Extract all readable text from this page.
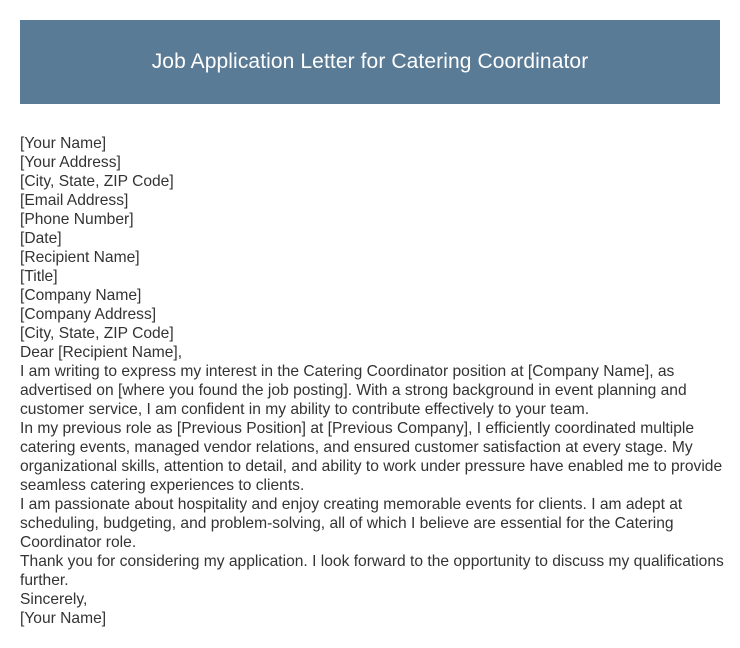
Job Application Letter for Catering Coordinator
[Your Name]
[Your Address]
[City, State, ZIP Code]
[Email Address]
[Phone Number]
[Date]
[Recipient Name]
[Title]
[Company Name]
[Company Address]
[City, State, ZIP Code]
Dear [Recipient Name],
I am writing to express my interest in the Catering Coordinator position at [Company Name], as advertised on [where you found the job posting]. With a strong background in event planning and customer service, I am confident in my ability to contribute effectively to your team.
In my previous role as [Previous Position] at [Previous Company], I efficiently coordinated multiple catering events, managed vendor relations, and ensured customer satisfaction at every stage. My organizational skills, attention to detail, and ability to work under pressure have enabled me to provide seamless catering experiences to clients.
I am passionate about hospitality and enjoy creating memorable events for clients. I am adept at scheduling, budgeting, and problem-solving, all of which I believe are essential for the Catering Coordinator role.
Thank you for considering my application. I look forward to the opportunity to discuss my qualifications further.
Sincerely,
[Your Name]
